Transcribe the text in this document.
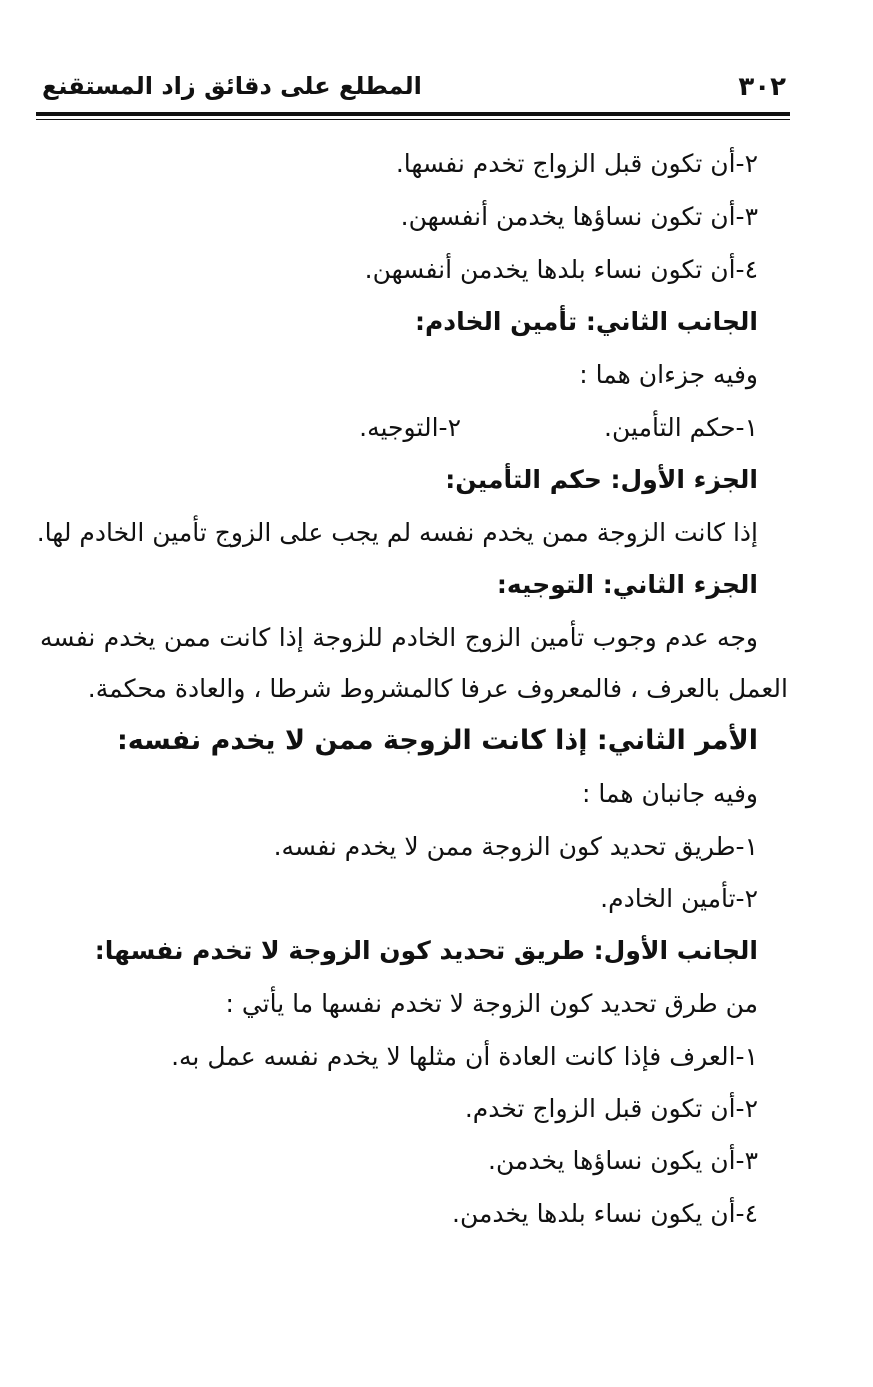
٣٠٢
المطلع على دقائق زاد المستقنع
٢-أن تكون قبل الزواج تخدم نفسها.
٣-أن تكون نساؤها يخدمن أنفسهن.
٤-أن تكون نساء بلدها يخدمن أنفسهن.
الجانب الثاني: تأمين الخادم:
وفيه جزءان هما :
١-حكم التأمين.
٢-التوجيه.
الجزء الأول: حكم التأمين:
إذا كانت الزوجة ممن يخدم نفسه لم يجب على الزوج تأمين الخادم لها.
الجزء الثاني: التوجيه:
وجه عدم وجوب تأمين الزوج الخادم للزوجة إذا كانت ممن يخدم نفسه
العمل بالعرف ، فالمعروف عرفا كالمشروط شرطا ، والعادة محكمة.
الأمر الثاني: إذا كانت الزوجة ممن لا يخدم نفسه:
وفيه جانبان هما :
١-طريق تحديد كون الزوجة ممن لا يخدم نفسه.
٢-تأمين الخادم.
الجانب الأول: طريق تحديد كون الزوجة لا تخدم نفسها:
من طرق تحديد كون الزوجة لا تخدم نفسها ما يأتي :
١-العرف فإذا كانت العادة أن مثلها لا يخدم نفسه عمل به.
٢-أن تكون قبل الزواج تخدم.
٣-أن يكون نساؤها يخدمن.
٤-أن يكون نساء بلدها يخدمن.
